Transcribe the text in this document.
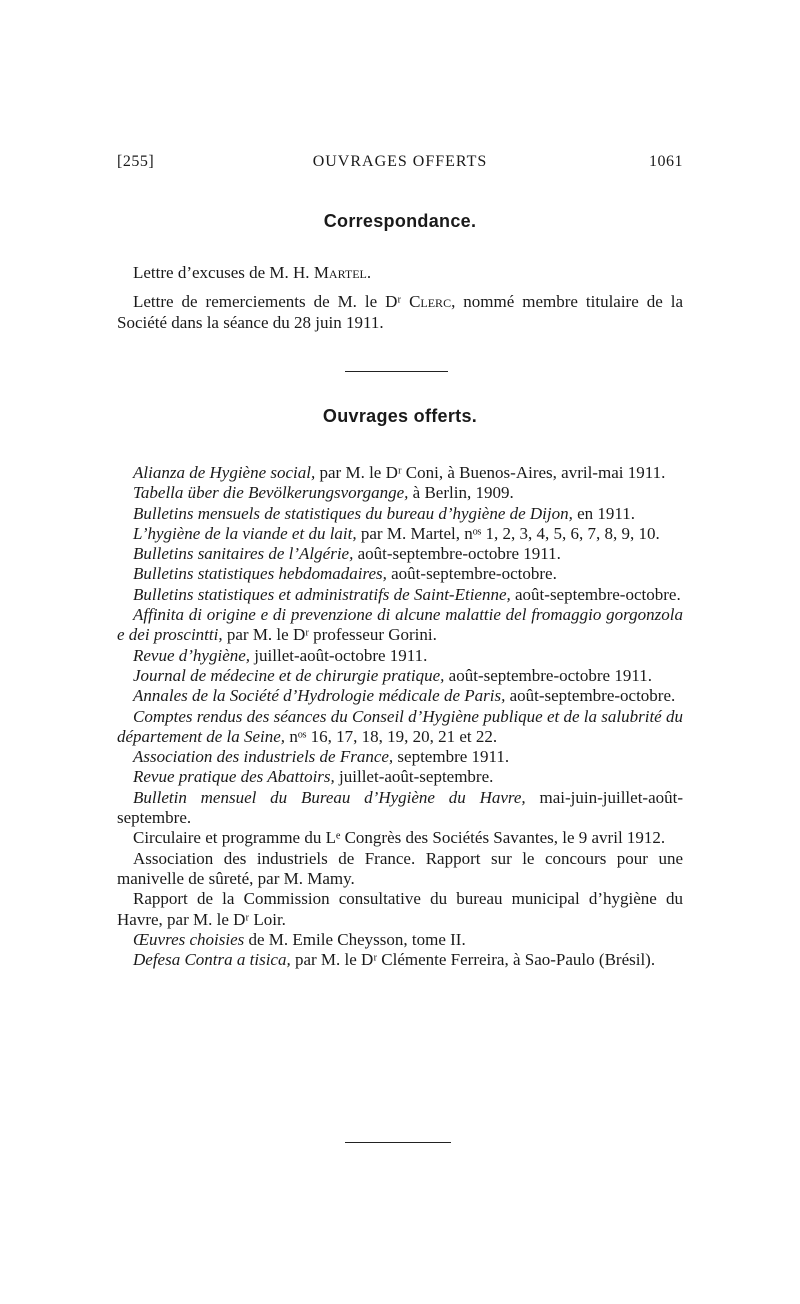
[255]	OUVRAGES OFFERTS	1061
Correspondance.

Lettre d’excuses de M. H. Martel.

Lettre de remerciements de M. le Dʳ Clerc, nommé membre titulaire de la Société dans la séance du 28 juin 1911.

Ouvrages offerts.

Alianza de Hygiène social, par M. le Dʳ Coni, à Buenos-Aires, avril-mai 1911.

Tabella über die Bevölkerungsvorgange, à Berlin, 1909.

Bulletins mensuels de statistiques du bureau d’hygiène de Dijon, en 1911.

L’hygiène de la viande et du lait, par M. Martel, nᵒˢ 1, 2, 3, 4, 5, 6, 7, 8, 9, 10.

Bulletins sanitaires de l’Algérie, août-septembre-octobre 1911.

Bulletins statistiques hebdomadaires, août-septembre-octobre.

Bulletins statistiques et administratifs de Saint-Etienne, août-septembre-octobre.

Affinita di origine e di prevenzione di alcune malattie del fromaggio gorgonzola e dei proscintti, par M. le Dʳ professeur Gorini.

Revue d’hygiène, juillet-août-octobre 1911.

Journal de médecine et de chirurgie pratique, août-septembre-octobre 1911.

Annales de la Société d’Hydrologie médicale de Paris, août-septembre-octobre.

Comptes rendus des séances du Conseil d’Hygiène publique et de la salubrité du département de la Seine, nᵒˢ 16, 17, 18, 19, 20, 21 et 22.

Association des industriels de France, septembre 1911.

Revue pratique des Abattoirs, juillet-août-septembre.

Bulletin mensuel du Bureau d’Hygiène du Havre, mai-juin-juillet-août-septembre.

Circulaire et programme du Lᵉ Congrès des Sociétés Savantes, le 9 avril 1912.

Association des industriels de France. Rapport sur le concours pour une manivelle de sûreté, par M. Mamy.

Rapport de la Commission consultative du bureau municipal d’hygiène du Havre, par M. le Dʳ Loir.

Œuvres choisies de M. Emile Cheysson, tome II.

Defesa Contra a tisica, par M. le Dʳ Clémente Ferreira, à Sao-Paulo (Brésil).
